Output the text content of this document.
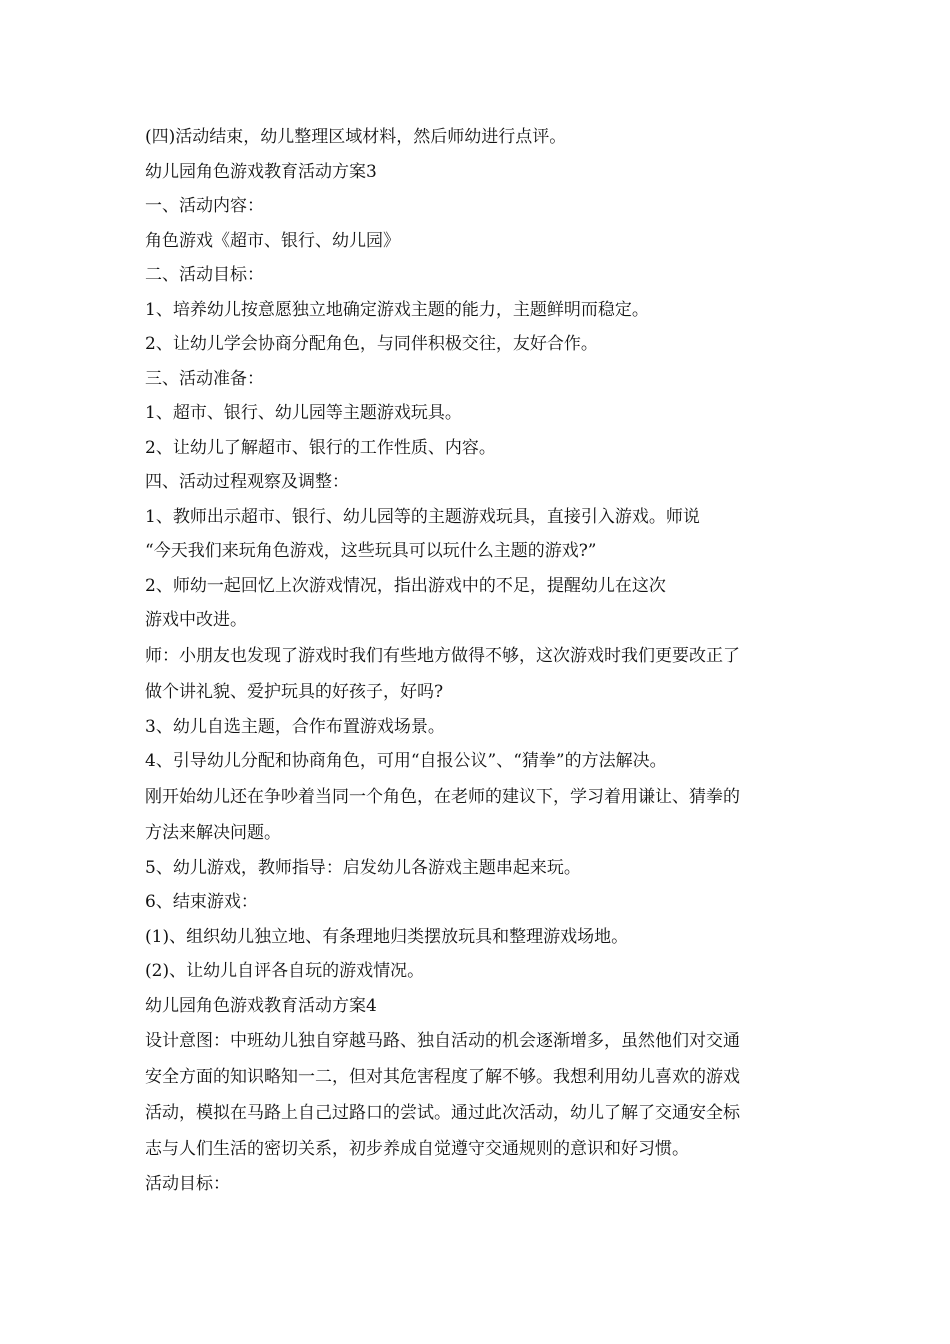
(四)活动结束，幼儿整理区域材料，然后师幼进行点评。
幼儿园角色游戏教育活动方案3
一、活动内容：
角色游戏《超市、银行、幼儿园》
二、活动目标：
1、培养幼儿按意愿独立地确定游戏主题的能力，主题鲜明而稳定。
2、让幼儿学会协商分配角色，与同伴积极交往，友好合作。
三、活动准备：
1、超市、银行、幼儿园等主题游戏玩具。
2、让幼儿了解超市、银行的工作性质、内容。
四、活动过程观察及调整：
1、教师出示超市、银行、幼儿园等的主题游戏玩具，直接引入游戏。师说
“今天我们来玩角色游戏，这些玩具可以玩什么主题的游戏?”
2、师幼一起回忆上次游戏情况，指出游戏中的不足，提醒幼儿在这次
游戏中改进。
师：小朋友也发现了游戏时我们有些地方做得不够，这次游戏时我们更要改正了
做个讲礼貌、爱护玩具的好孩子，好吗?
3、幼儿自选主题，合作布置游戏场景。
4、引导幼儿分配和协商角色，可用“自报公议”、“猜拳”的方法解决。
刚开始幼儿还在争吵着当同一个角色，在老师的建议下，学习着用谦让、猜拳的
方法来解决问题。
5、幼儿游戏，教师指导：启发幼儿各游戏主题串起来玩。
6、结束游戏：
(1)、组织幼儿独立地、有条理地归类摆放玩具和整理游戏场地。
(2)、让幼儿自评各自玩的游戏情况。
幼儿园角色游戏教育活动方案4
设计意图：中班幼儿独自穿越马路、独自活动的机会逐渐增多，虽然他们对交通
安全方面的知识略知一二，但对其危害程度了解不够。我想利用幼儿喜欢的游戏
活动，模拟在马路上自己过路口的尝试。通过此次活动，幼儿了解了交通安全标
志与人们生活的密切关系，初步养成自觉遵守交通规则的意识和好习惯。
活动目标：
